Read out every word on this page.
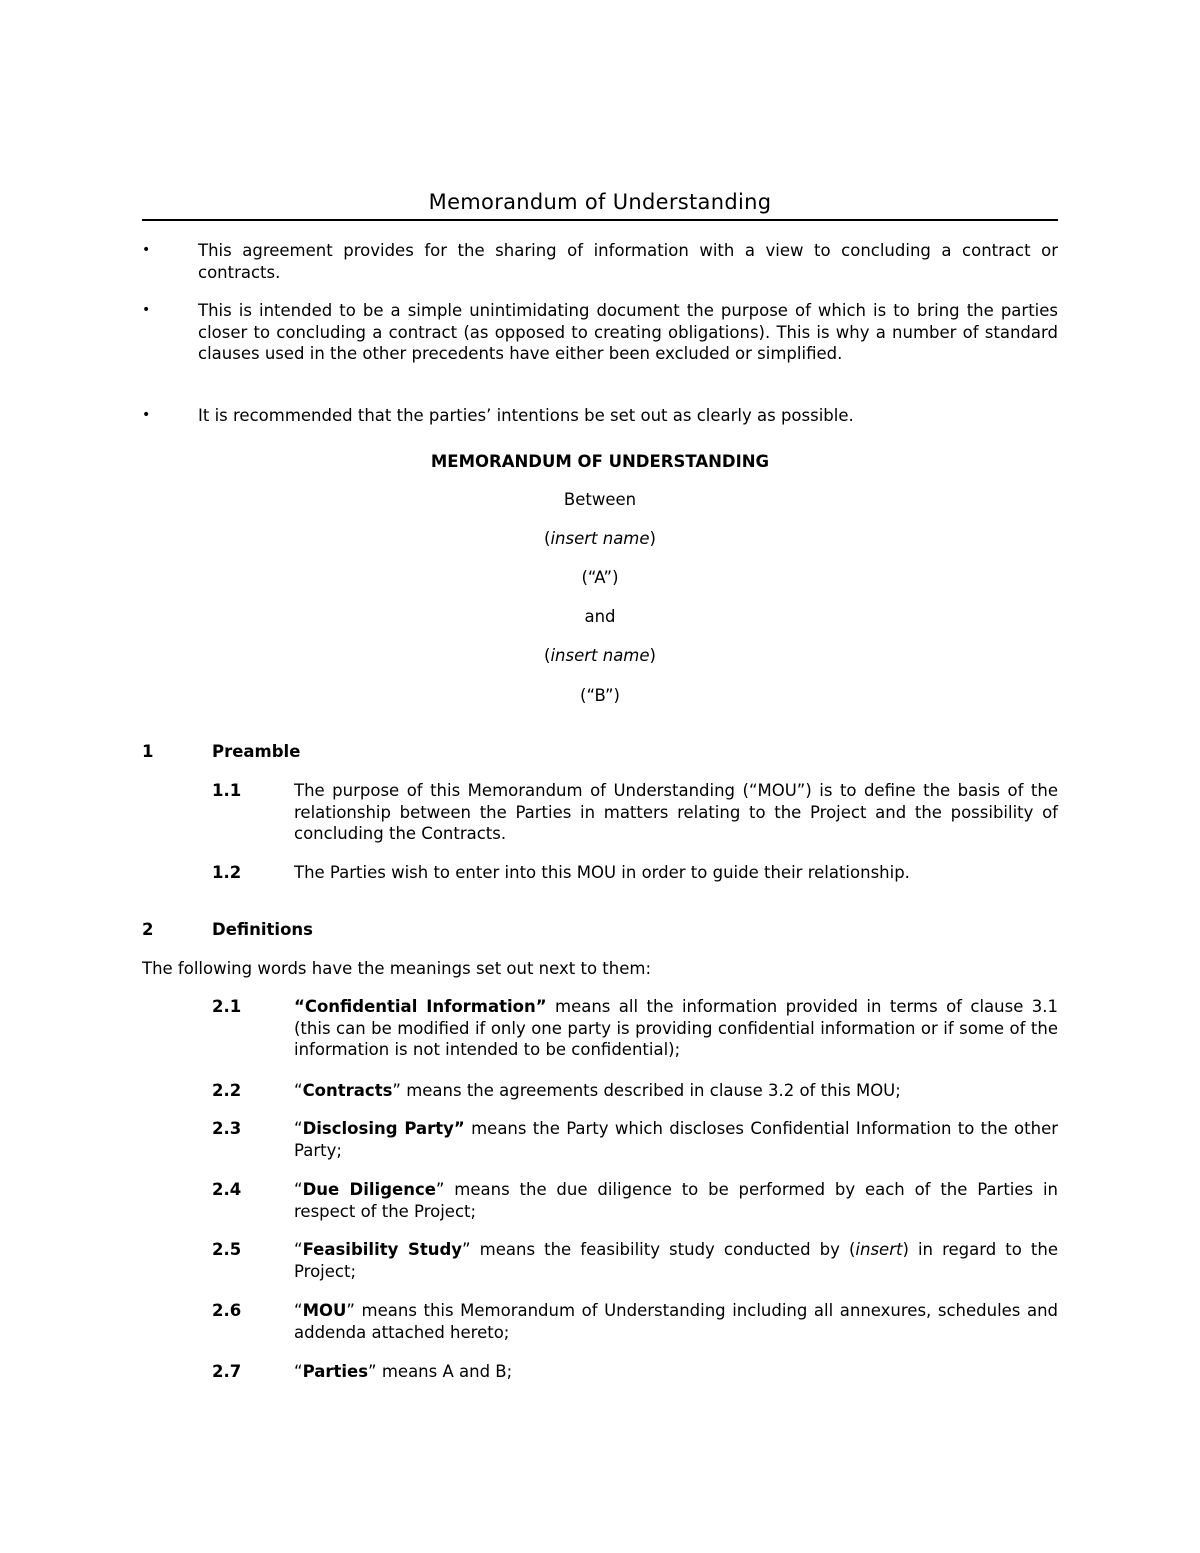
Memorandum of Understanding
•	This agreement provides for the sharing of information with a view to concluding a contract or contracts.
•	This is intended to be a simple unintimidating document the purpose of which is to bring the parties closer to concluding a contract (as opposed to creating obligations). This is why a number of standard clauses used in the other precedents have either been excluded or simplified.
•	It is recommended that the parties’ intentions be set out as clearly as possible.
MEMORANDUM OF UNDERSTANDING
Between
(insert name)
(“A”)
and
(insert name)
(“B”)
1	Preamble
1.1	The purpose of this Memorandum of Understanding (“MOU”) is to define the basis of the relationship between the Parties in matters relating to the Project and the possibility of concluding the Contracts.
1.2	The Parties wish to enter into this MOU in order to guide their relationship.
2	Definitions
The following words have the meanings set out next to them:
2.1	“Confidential Information” means all the information provided in terms of clause 3.1 (this can be modified if only one party is providing confidential information or if some of the information is not intended to be confidential);
2.2	“Contracts” means the agreements described in clause 3.2 of this MOU;
2.3	“Disclosing Party” means the Party which discloses Confidential Information to the other Party;
2.4	“Due Diligence” means the due diligence to be performed by each of the Parties in respect of the Project;
2.5	“Feasibility Study” means the feasibility study conducted by (insert) in regard to the Project;
2.6	“MOU” means this Memorandum of Understanding including all annexures, schedules and addenda attached hereto;
2.7	“Parties” means A and B;
